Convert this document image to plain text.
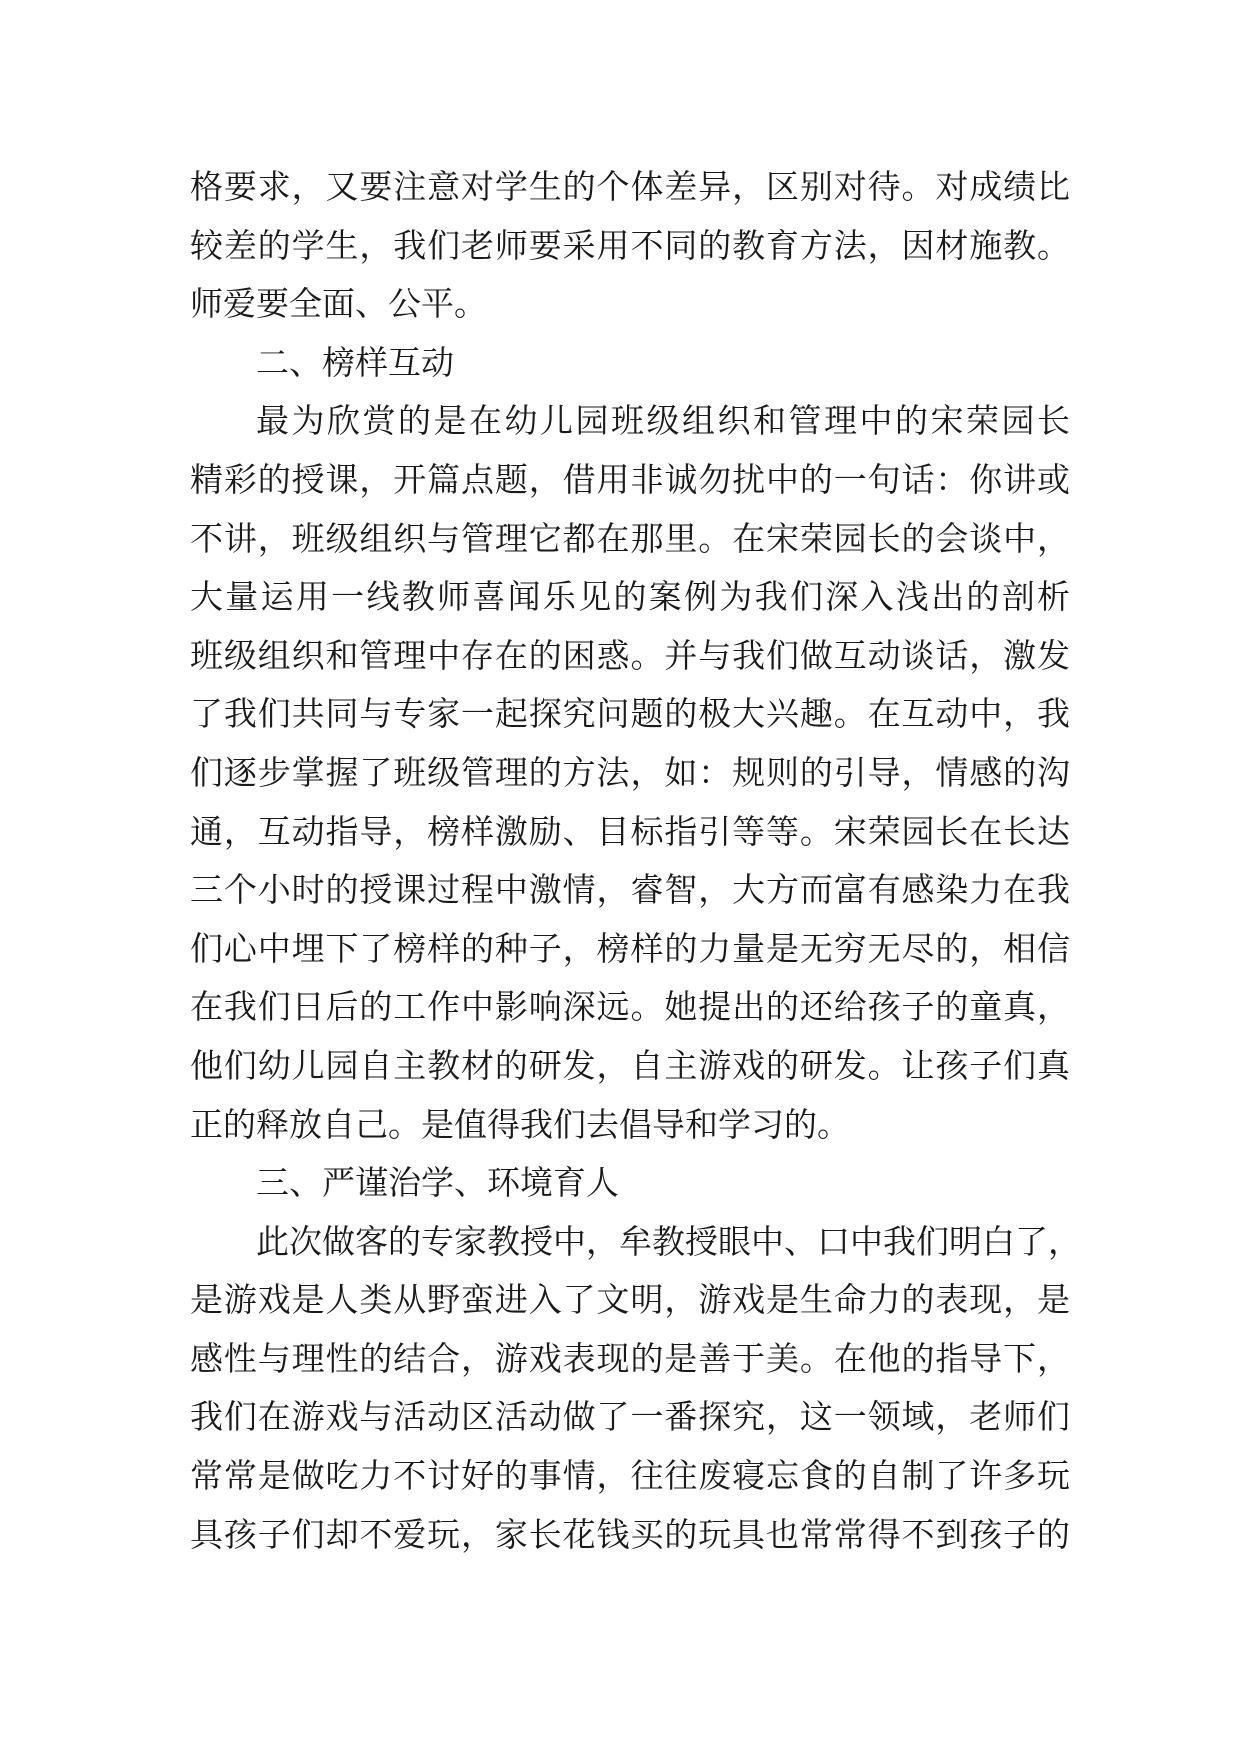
格要求，又要注意对学生的个体差异，区别对待。对成绩比
较差的学生，我们老师要采用不同的教育方法，因材施教。
师爱要全面、公平。
二、榜样互动
最为欣赏的是在幼儿园班级组织和管理中的宋荣园长
精彩的授课，开篇点题，借用非诚勿扰中的一句话：你讲或
不讲，班级组织与管理它都在那里。在宋荣园长的会谈中，
大量运用一线教师喜闻乐见的案例为我们深入浅出的剖析
班级组织和管理中存在的困惑。并与我们做互动谈话，激发
了我们共同与专家一起探究问题的极大兴趣。在互动中，我
们逐步掌握了班级管理的方法，如：规则的引导，情感的沟
通，互动指导，榜样激励、目标指引等等。宋荣园长在长达
三个小时的授课过程中激情，睿智，大方而富有感染力在我
们心中埋下了榜样的种子，榜样的力量是无穷无尽的，相信
在我们日后的工作中影响深远。她提出的还给孩子的童真，
他们幼儿园自主教材的研发，自主游戏的研发。让孩子们真
正的释放自己。是值得我们去倡导和学习的。
三、严谨治学、环境育人
此次做客的专家教授中，牟教授眼中、口中我们明白了，
是游戏是人类从野蛮进入了文明，游戏是生命力的表现，是
感性与理性的结合，游戏表现的是善于美。在他的指导下，
我们在游戏与活动区活动做了一番探究，这一领域，老师们
常常是做吃力不讨好的事情，往往废寝忘食的自制了许多玩
具孩子们却不爱玩，家长花钱买的玩具也常常得不到孩子的
